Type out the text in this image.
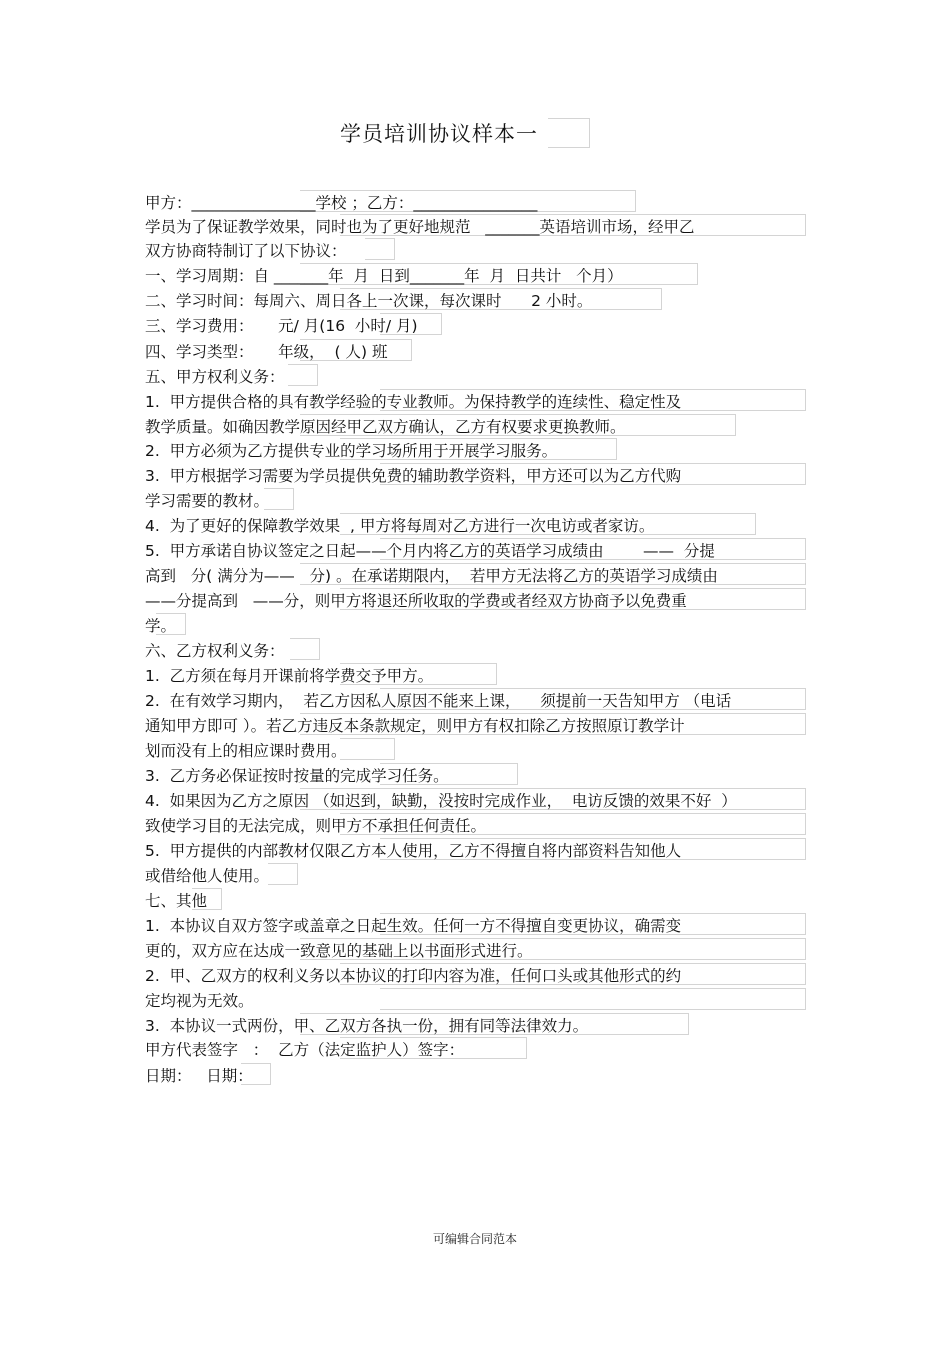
学员培训协议样本一
甲方：________________学校 ；乙方：________________
学员为了保证教学效果，同时也为了更好地规范   _______英语培训市场，经甲乙
双方协商特制订了以下协议：
一、学习周期：自 _______年  月  日到_______年  月  日共计   个月）
二、学习时间：每周六、周日各上一次课，每次课时      2 小时。
三、学习费用：     元/ 月(16  小时/ 月)
四、学习类型：     年级，  ( 人) 班
五、甲方权利义务：
1.  甲方提供合格的具有教学经验的专业教师。为保持教学的连续性、稳定性及
教学质量。如确因教学原因经甲乙双方确认，乙方有权要求更换教师。
2.  甲方必须为乙方提供专业的学习场所用于开展学习服务。
3.  甲方根据学习需要为学员提供免费的辅助教学资料，甲方还可以为乙方代购
学习需要的教材。
4.  为了更好的保障教学效果  , 甲方将每周对乙方进行一次电访或者家访。
5.  甲方承诺自协议签定之日起——个月内将乙方的英语学习成绩由        ——  分提
高到   分( 满分为——   分) 。在承诺期限内，  若甲方无法将乙方的英语学习成绩由
——分提高到   ——分，则甲方将退还所收取的学费或者经双方协商予以免费重
学。
六、乙方权利义务：
1.  乙方须在每月开课前将学费交予甲方。
2.  在有效学习期内，  若乙方因私人原因不能来上课，    须提前一天告知甲方 （电话
通知甲方即可 ）。若乙方违反本条款规定，则甲方有权扣除乙方按照原订教学计
划而没有上的相应课时费用。
3.  乙方务必保证按时按量的完成学习任务。
4.  如果因为乙方之原因 （如迟到，缺勤，没按时完成作业，  电访反馈的效果不好  ）
致使学习目的无法完成，则甲方不承担任何责任。
5.  甲方提供的内部教材仅限乙方本人使用，乙方不得擅自将内部资料告知他人
或借给他人使用。
七、其他
1.  本协议自双方签字或盖章之日起生效。任何一方不得擅自变更协议，确需变
更的，双方应在达成一致意见的基础上以书面形式进行。
2.  甲、乙双方的权利义务以本协议的打印内容为准，任何口头或其他形式的约
定均视为无效。
3.  本协议一式两份，甲、乙双方各执一份，拥有同等法律效力。
甲方代表签字   ：  乙方（法定监护人）签字：
日期：   日期：
可编辑合同范本
